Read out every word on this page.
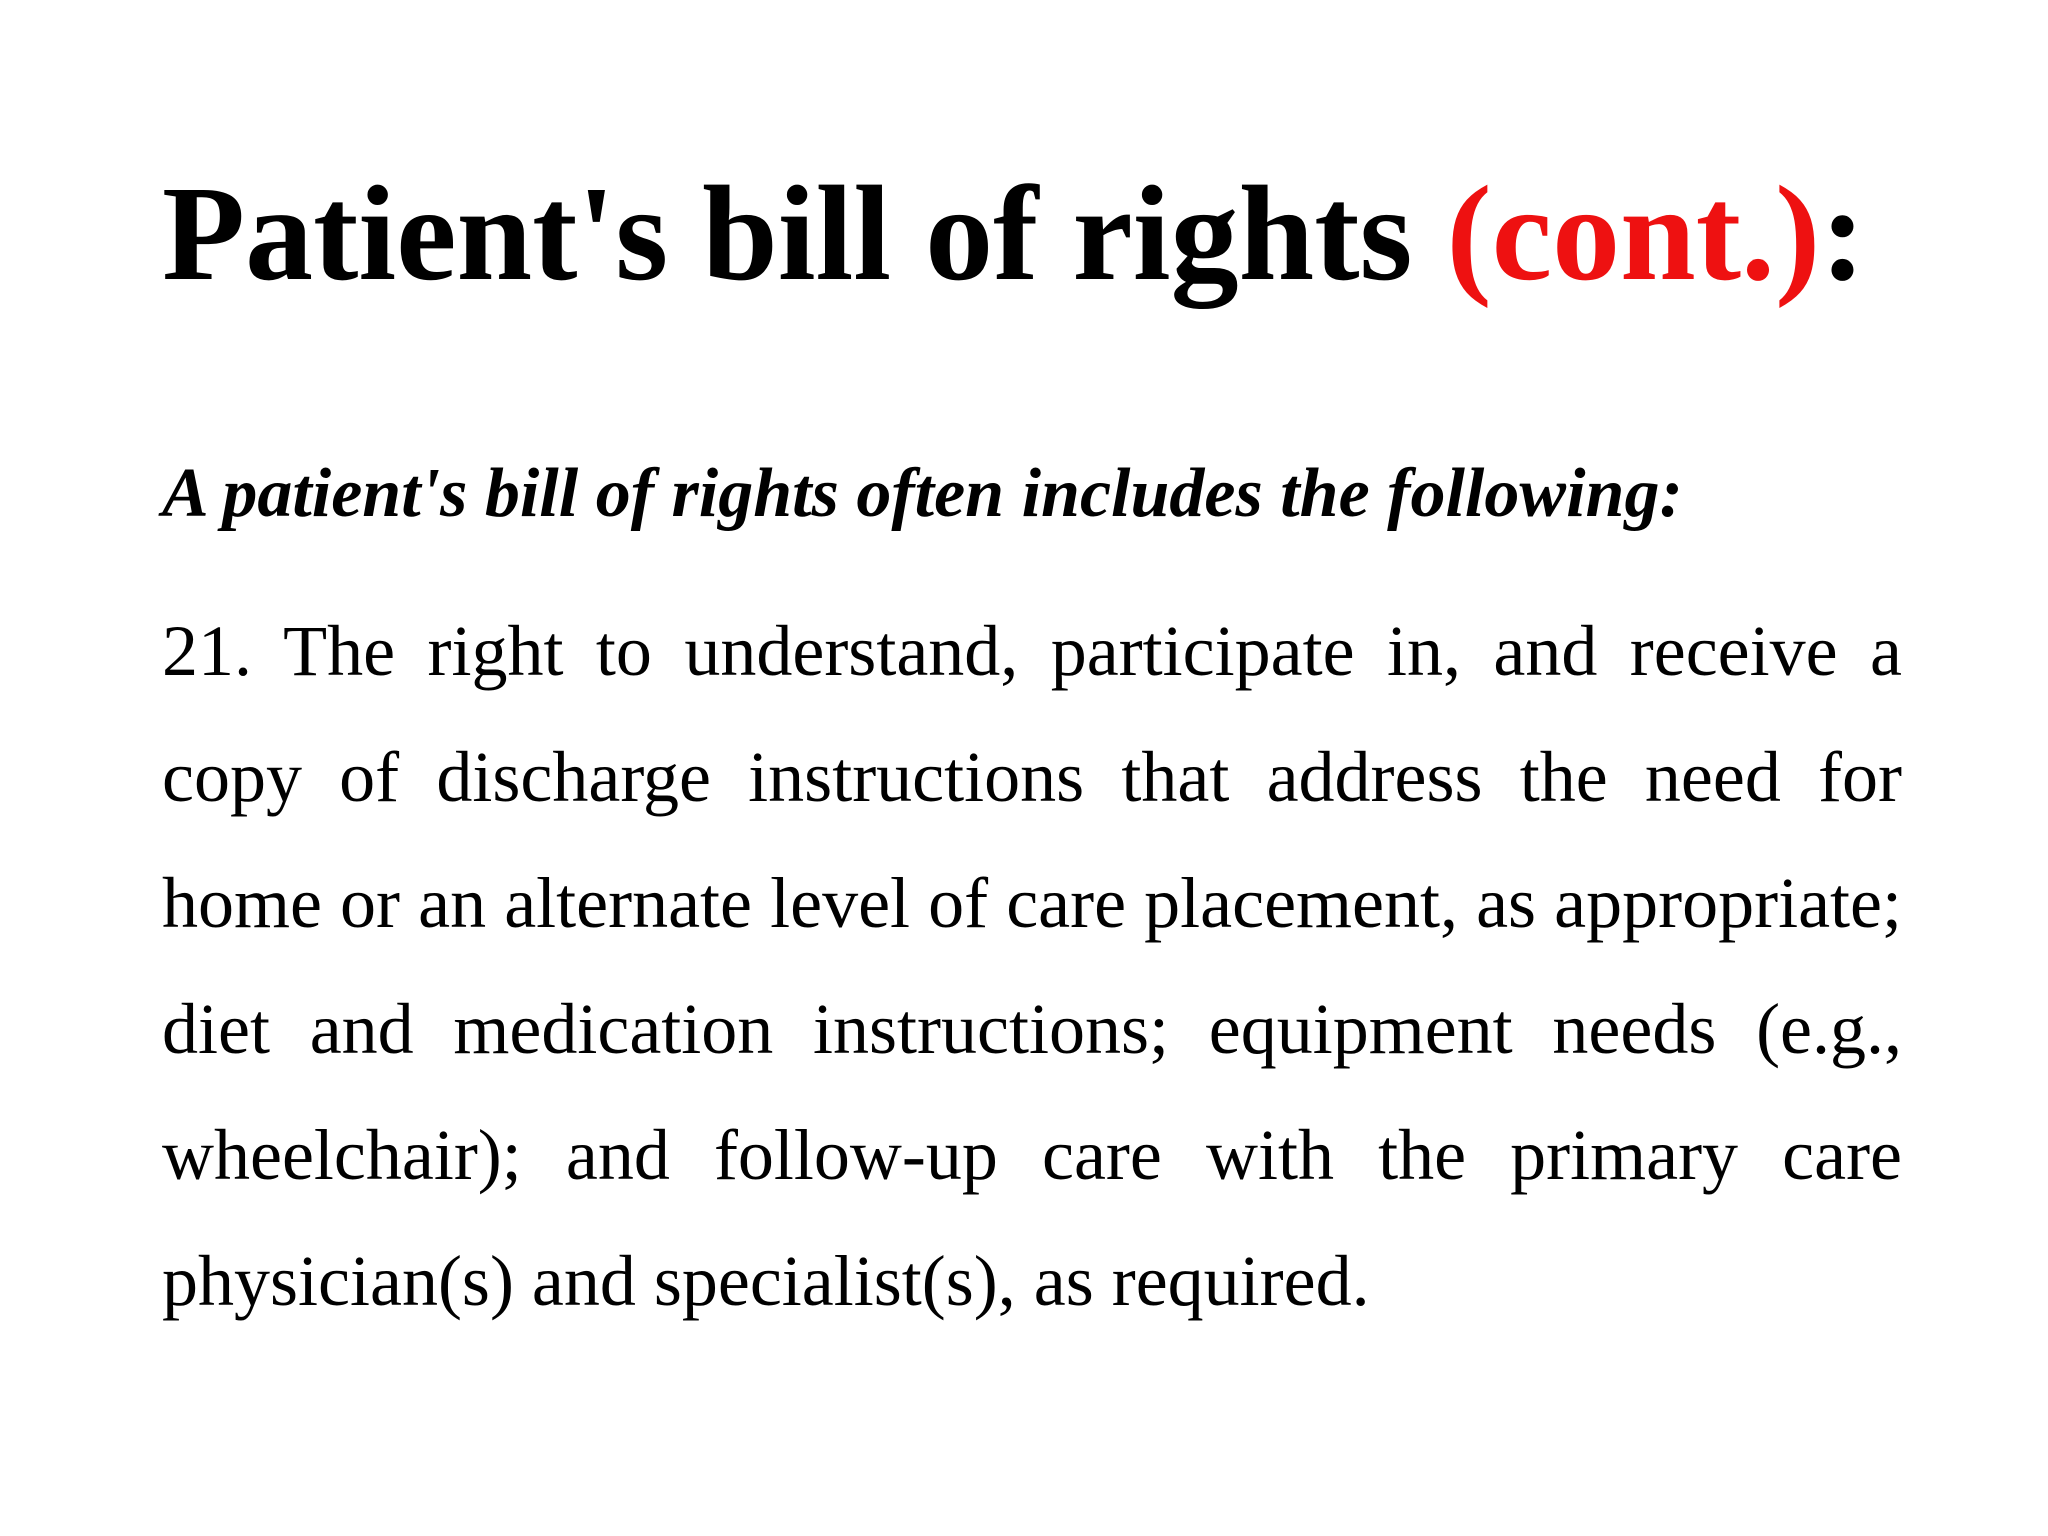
Patient's bill of rights (cont.):

A patient's bill of rights often includes the following:

21. The right to understand, participate in, and receive a copy of discharge instructions that address the need for home or an alternate level of care placement, as appropriate; diet and medication instructions; equipment needs (e.g., wheelchair); and follow-up care with the primary care physician(s) and specialist(s), as required.
